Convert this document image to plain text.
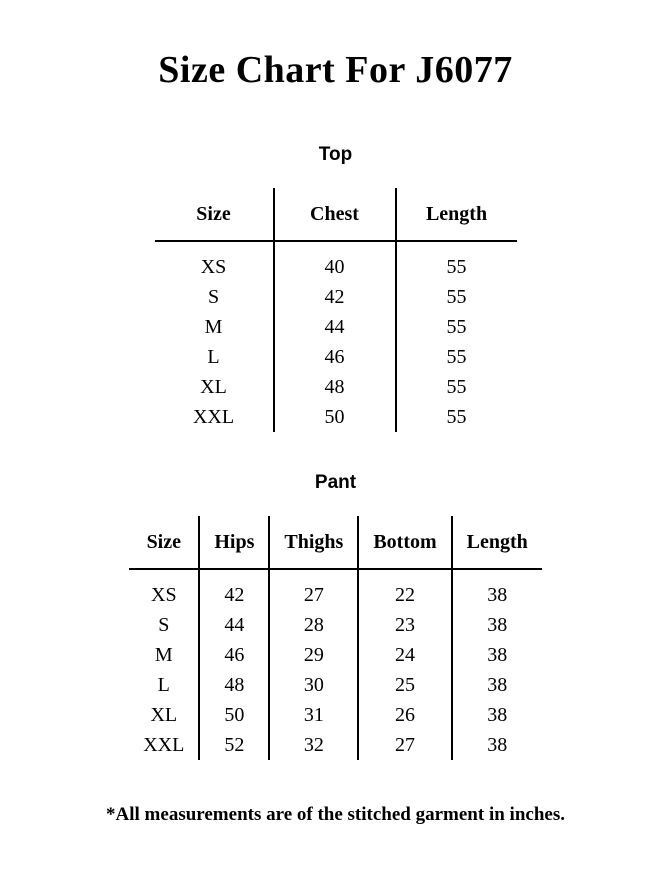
Size Chart For J6077
Top
Size	Chest	Length
XS	40	55
S	42	55
M	44	55
L	46	55
XL	48	55
XXL	50	55
Pant
Size	Hips	Thighs	Bottom	Length
XS	42	27	22	38
S	44	28	23	38
M	46	29	24	38
L	48	30	25	38
XL	50	31	26	38
XXL	52	32	27	38
*All measurements are of the stitched garment in inches.
